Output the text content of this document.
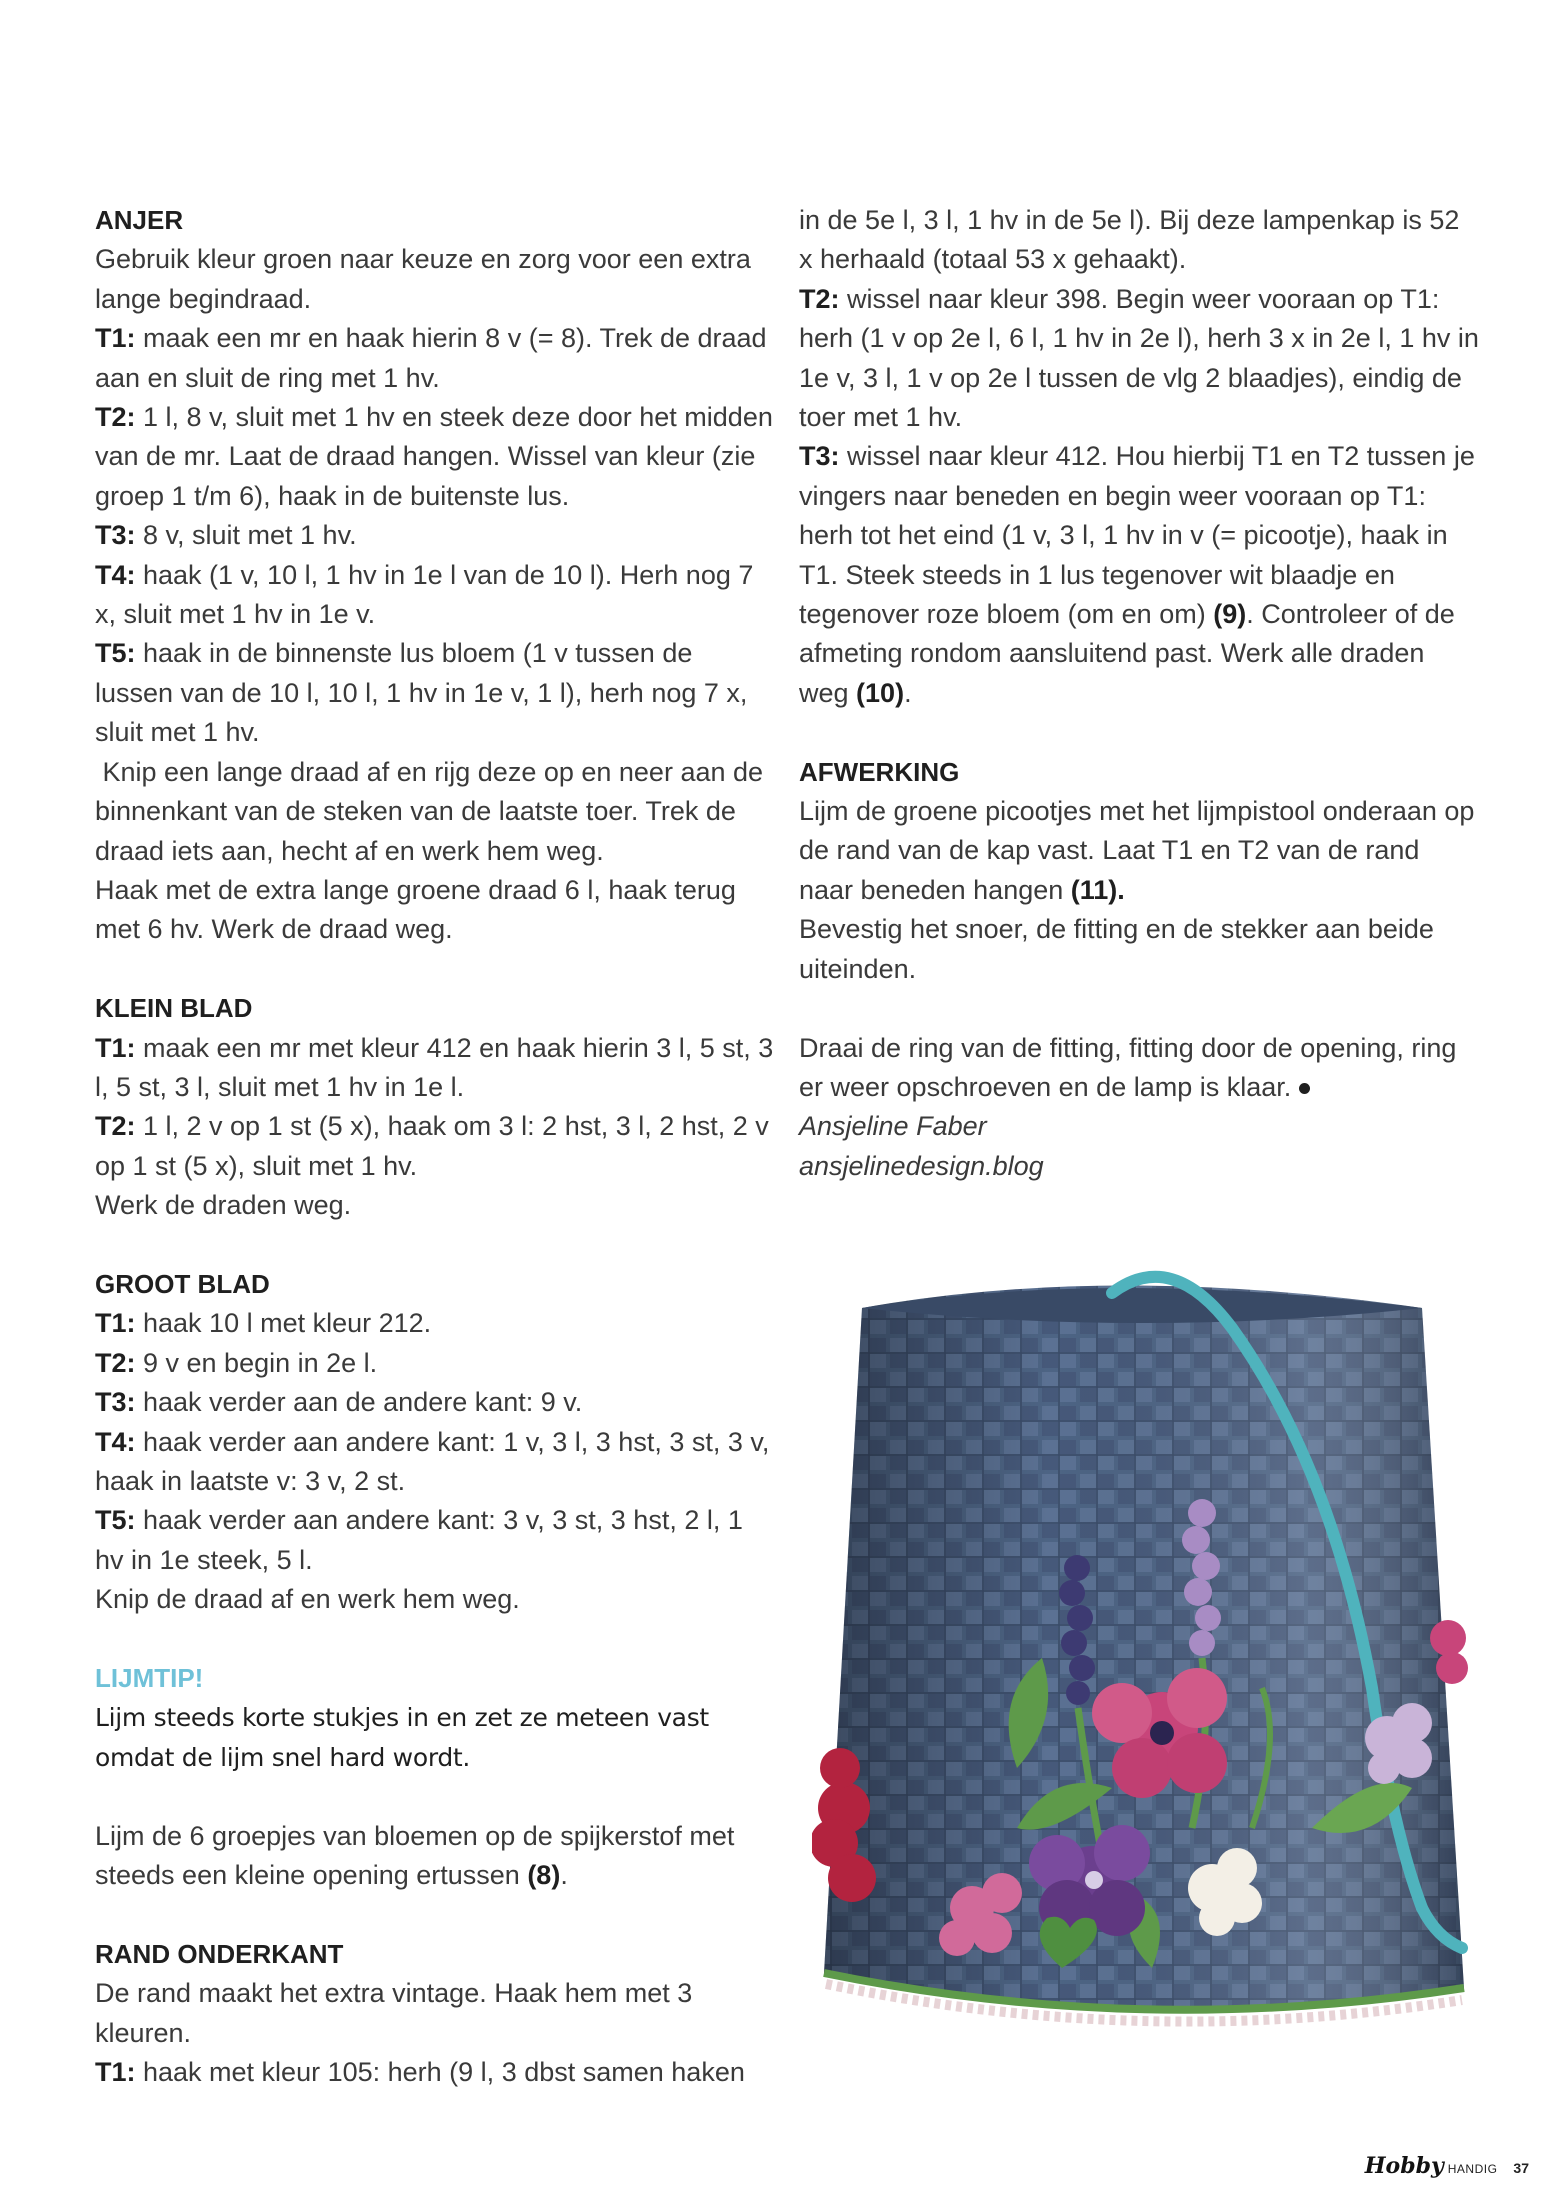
ANJER

Gebruik kleur groen naar keuze en zorg voor een extra lange begindraad.

T1: maak een mr en haak hierin 8 v (= 8). Trek de draad aan en sluit de ring met 1 hv.

T2: 1 l, 8 v, sluit met 1 hv en steek deze door het midden van de mr. Laat de draad hangen. Wissel van kleur (zie groep 1 t/m 6), haak in de buitenste lus.

T3: 8 v, sluit met 1 hv.

T4: haak (1 v, 10 l, 1 hv in 1e l van de 10 l). Herh nog 7 x, sluit met 1 hv in 1e v.

T5: haak in de binnenste lus bloem (1 v tussen de lussen van de 10 l, 10 l, 1 hv in 1e v, 1 l), herh nog 7 x, sluit met 1 hv.

Knip een lange draad af en rijg deze op en neer aan de binnenkant van de steken van de laatste toer. Trek de draad iets aan, hecht af en werk hem weg.

Haak met de extra lange groene draad 6 l, haak terug met 6 hv. Werk de draad weg.

KLEIN BLAD

T1: maak een mr met kleur 412 en haak hierin 3 l, 5 st, 3 l, 5 st, 3 l, sluit met 1 hv in 1e l.

T2: 1 l, 2 v op 1 st (5 x), haak om 3 l: 2 hst, 3 l, 2 hst, 2 v op 1 st (5 x), sluit met 1 hv.

Werk de draden weg.

GROOT BLAD

T1: haak 10 l met kleur 212.

T2: 9 v en begin in 2e l.

T3: haak verder aan de andere kant: 9 v.

T4: haak verder aan andere kant: 1 v, 3 l, 3 hst, 3 st, 3 v, haak in laatste v: 3 v, 2 st.

T5: haak verder aan andere kant: 3 v, 3 st, 3 hst, 2 l, 1 hv in 1e steek, 5 l.

Knip de draad af en werk hem weg.

LIJMTIP!

Lijm steeds korte stukjes in en zet ze meteen vast omdat de lijm snel hard wordt.

Lijm de 6 groepjes van bloemen op de spijkerstof met steeds een kleine opening ertussen (8).

RAND ONDERKANT

De rand maakt het extra vintage. Haak hem met 3 kleuren.

T1: haak met kleur 105: herh (9 l, 3 dbst samen haken

in de 5e l, 3 l, 1 hv in de 5e l). Bij deze lampenkap is 52 x herhaald (totaal 53 x gehaakt).

T2: wissel naar kleur 398. Begin weer vooraan op T1: herh (1 v op 2e l, 6 l, 1 hv in 2e l), herh 3 x in 2e l, 1 hv in 1e v, 3 l, 1 v op 2e l tussen de vlg 2 blaadjes), eindig de toer met 1 hv.

T3: wissel naar kleur 412. Hou hierbij T1 en T2 tussen je vingers naar beneden en begin weer vooraan op T1: herh tot het eind (1 v, 3 l, 1 hv in v (= picootje), haak in T1. Steek steeds in 1 lus tegenover wit blaadje en tegenover roze bloem (om en om) (9). Controleer of de afmeting rondom aansluitend past. Werk alle draden weg (10).

AFWERKING

Lijm de groene picootjes met het lijmpistool onderaan op de rand van de kap vast. Laat T1 en T2 van de rand naar beneden hangen (11).

Bevestig het snoer, de fitting en de stekker aan beide uiteinden.

Draai de ring van de fitting, fitting door de opening, ring er weer opschroeven en de lamp is klaar.

Ansjeline Faber

ansjelinedesign.blog

Hobby HANDIG 37
